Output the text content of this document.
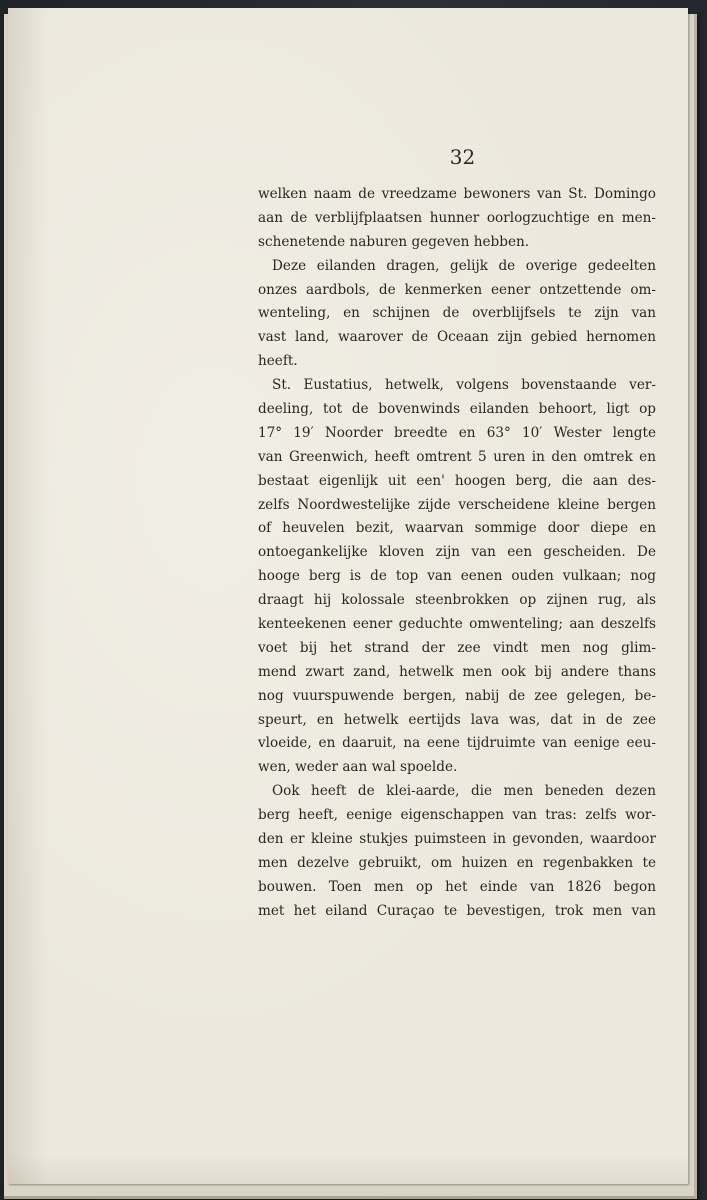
32
welken naam de vreedzame bewoners van St. Domingo
aan de verblijfplaatsen hunner oorlogzuchtige en men-
schenetende naburen gegeven hebben.
Deze eilanden dragen, gelijk de overige gedeelten
onzes aardbols, de kenmerken eener ontzettende om-
wenteling, en schijnen de overblijfsels te zijn van
vast land, waarover de Oceaan zijn gebied hernomen
heeft.
St. Eustatius, hetwelk, volgens bovenstaande ver-
deeling, tot de bovenwinds eilanden behoort, ligt op
17° 19′ Noorder breedte en 63° 10′ Wester lengte
van Greenwich, heeft omtrent 5 uren in den omtrek en
bestaat eigenlijk uit een' hoogen berg, die aan des-
zelfs Noordwestelijke zijde verscheidene kleine bergen
of heuvelen bezit, waarvan sommige door diepe en
ontoegankelijke kloven zijn van een gescheiden. De
hooge berg is de top van eenen ouden vulkaan; nog
draagt hij kolossale steenbrokken op zijnen rug, als
kenteekenen eener geduchte omwenteling; aan deszelfs
voet bij het strand der zee vindt men nog glim-
mend zwart zand, hetwelk men ook bij andere thans
nog vuurspuwende bergen, nabij de zee gelegen, be-
speurt, en hetwelk eertijds lava was, dat in de zee
vloeide, en daaruit, na eene tijdruimte van eenige eeu-
wen, weder aan wal spoelde.
Ook heeft de klei-aarde, die men beneden dezen
berg heeft, eenige eigenschappen van tras: zelfs wor-
den er kleine stukjes puimsteen in gevonden, waardoor
men dezelve gebruikt, om huizen en regenbakken te
bouwen. Toen men op het einde van 1826 begon
met het eiland Curaçao te bevestigen, trok men van
